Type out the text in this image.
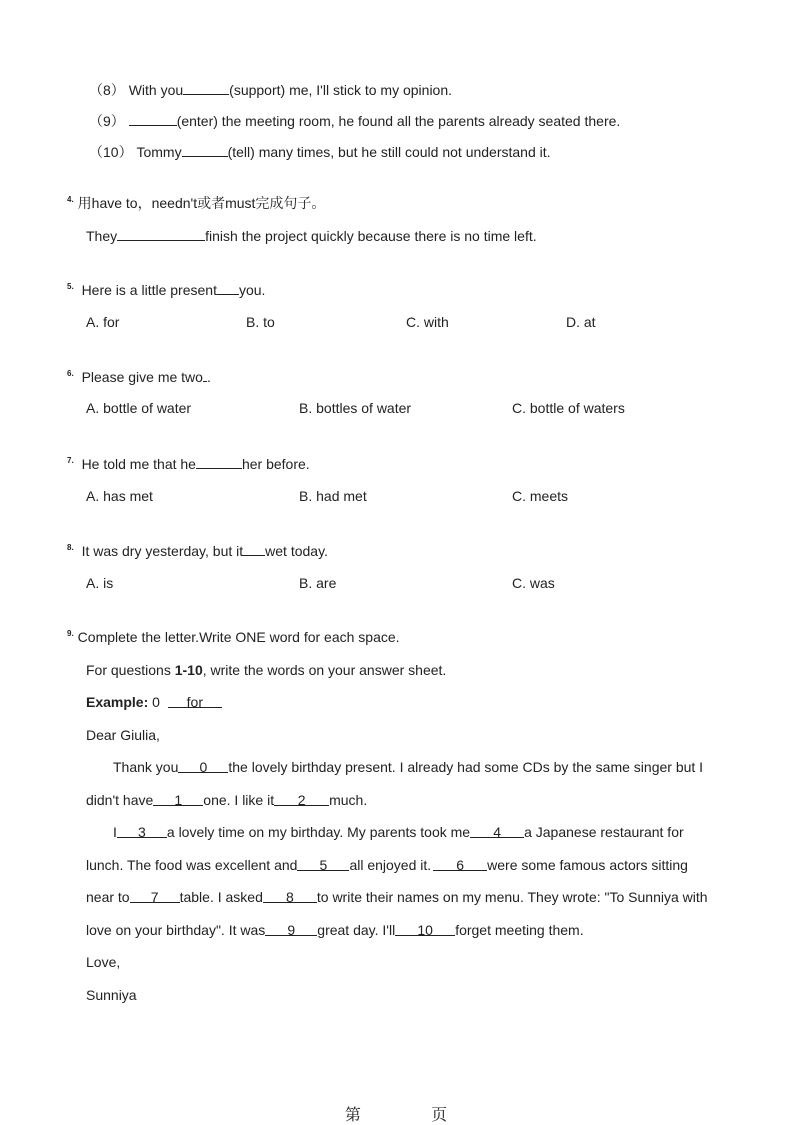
（8） With you	(support) me, I'll stick to my opinion.
（9）	(enter) the meeting room, he found all the parents already seated there.
（10） Tommy	(tell) many times, but he still could not understand it.
$^{4.}$ 用have to，needn't或者must完成句子。
They	finish the project quickly because there is no time left.
$^{5.}$ Here is a little present you.
A. for	B. to	C. with	D. at
$^{6.}$ Please give me two .
A. bottle of water	B. bottles of water	C. bottle of waters
$^{7.}$ He told me that he	her before.
A. has met	B. had met	C. meets
$^{8.}$ It was dry yesterday, but it wet today.
A. is	B. are	C. was
$^{9.}$ Complete the letter.Write ONE word for each space.
For questions 1-10, write the words on your answer sheet.
Example: 0 for
Dear Giulia,
Thank you 0 the lovely birthday present. I already had some CDs by the same singer but I
didn't have 1 one. I like it 2 much.
I 3 a lovely time on my birthday. My parents took me 4 a Japanese restaurant for
lunch. The food was excellent and 5 all enjoyed it. 6 were some famous actors sitting
near to 7 table. I asked 8 to write their names on my menu. They wrote: "To Sunniya with
love on your birthday". It was 9 great day. I'll 10 forget meeting them.
Love,
Sunniya
第	页
